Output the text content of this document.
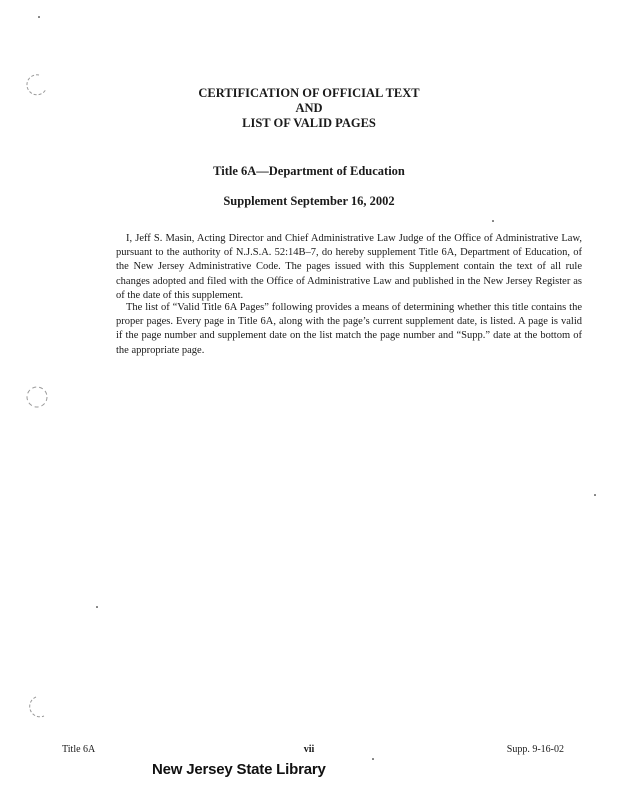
CERTIFICATION OF OFFICIAL TEXT
AND
LIST OF VALID PAGES
Title 6A—Department of Education
Supplement September 16, 2002

I, Jeff S. Masin, Acting Director and Chief Administrative Law Judge of the Office of Administrative Law, pursuant to the authority of N.J.S.A. 52:14B–7, do hereby supplement Title 6A, Department of Education, of the New Jersey Administrative Code. The pages issued with this Supplement contain the text of all rule changes adopted and filed with the Office of Administrative Law and published in the New Jersey Register as of the date of this supplement.

The list of “Valid Title 6A Pages” following provides a means of determining whether this title contains the proper pages. Every page in Title 6A, along with the page’s current supplement date, is listed. A page is valid if the page number and supplement date on the list match the page number and “Supp.” date at the bottom of the appropriate page.

Title 6A	vii	Supp. 9-16-02

New Jersey State Library
